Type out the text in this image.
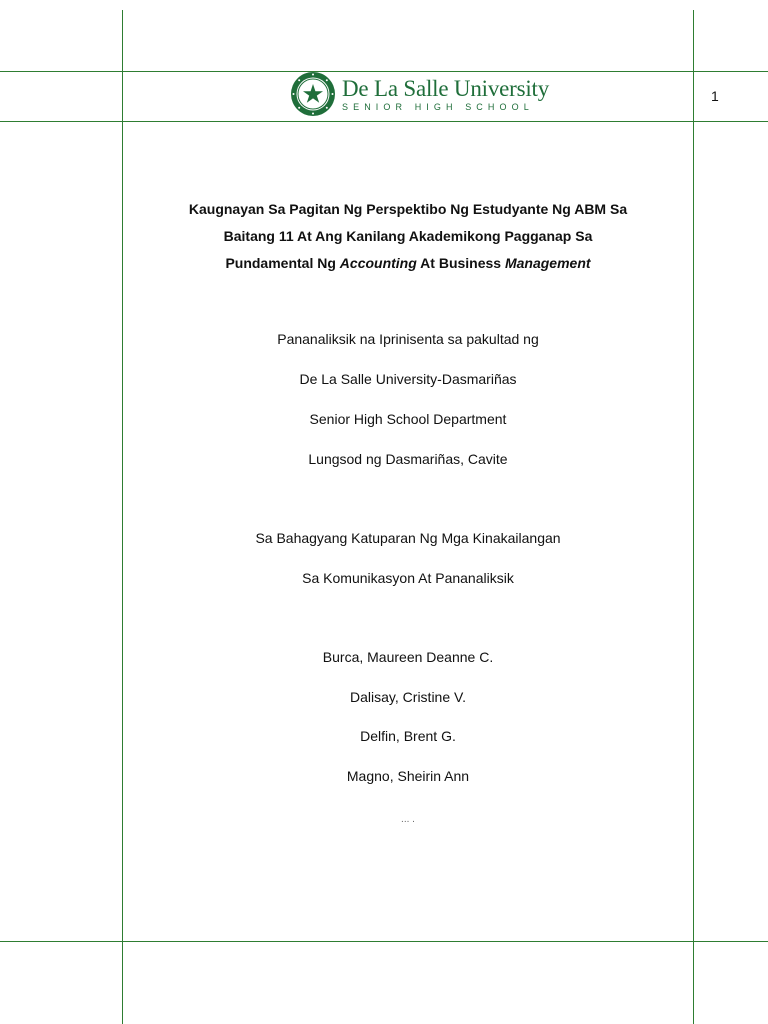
De La Salle University
SENIOR HIGH SCHOOL
1
Kaugnayan Sa Pagitan Ng Perspektibo Ng Estudyante Ng ABM Sa
Baitang 11 At Ang Kanilang Akademikong Pagganap Sa
Pundamental Ng Accounting At Business Management
Pananaliksik na Iprinisenta sa pakultad ng
De La Salle University-Dasmariñas
Senior High School Department
Lungsod ng Dasmariñas, Cavite
Sa Bahagyang Katuparan Ng Mga Kinakailangan
Sa Komunikasyon At Pananaliksik
Burca, Maureen Deanne C.
Dalisay, Cristine V.
Delfin, Brent G.
Magno, Sheirin Ann
... .
